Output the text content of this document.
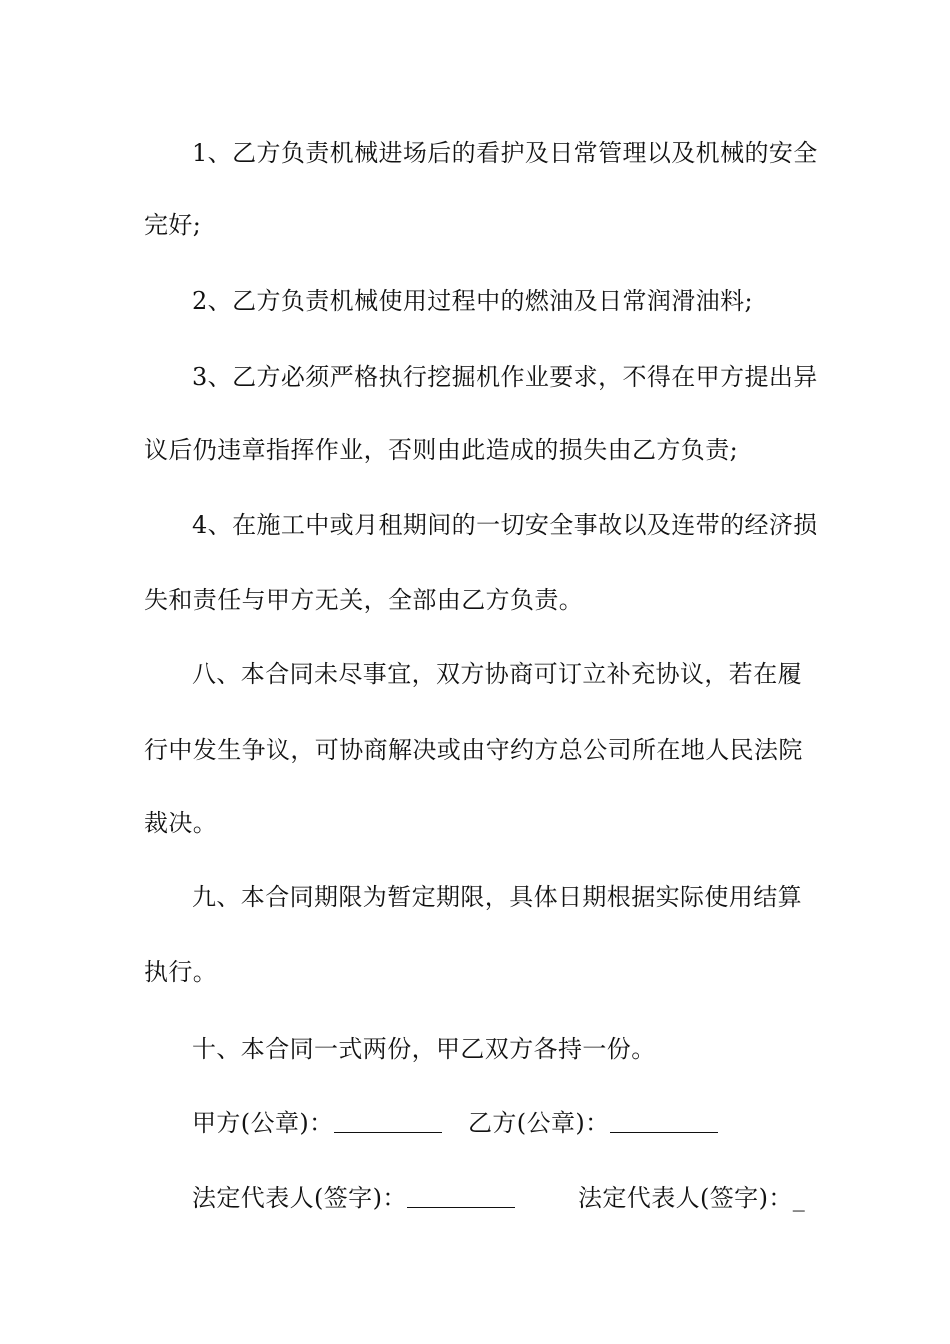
1、乙方负责机械进场后的看护及日常管理以及机械的安全
完好;
2、乙方负责机械使用过程中的燃油及日常润滑油料;
3、乙方必须严格执行挖掘机作业要求，不得在甲方提出异
议后仍违章指挥作业，否则由此造成的损失由乙方负责;
4、在施工中或月租期间的一切安全事故以及连带的经济损
失和责任与甲方无关，全部由乙方负责。
八、本合同未尽事宜，双方协商可订立补充协议，若在履
行中发生争议，可协商解决或由守约方总公司所在地人民法院
裁决。
九、本合同期限为暂定期限，具体日期根据实际使用结算
执行。
十、本合同一式两份，甲乙双方各持一份。
甲方(公章)：	乙方(公章)：
法定代表人(签字)：	法定代表人(签字)：_
